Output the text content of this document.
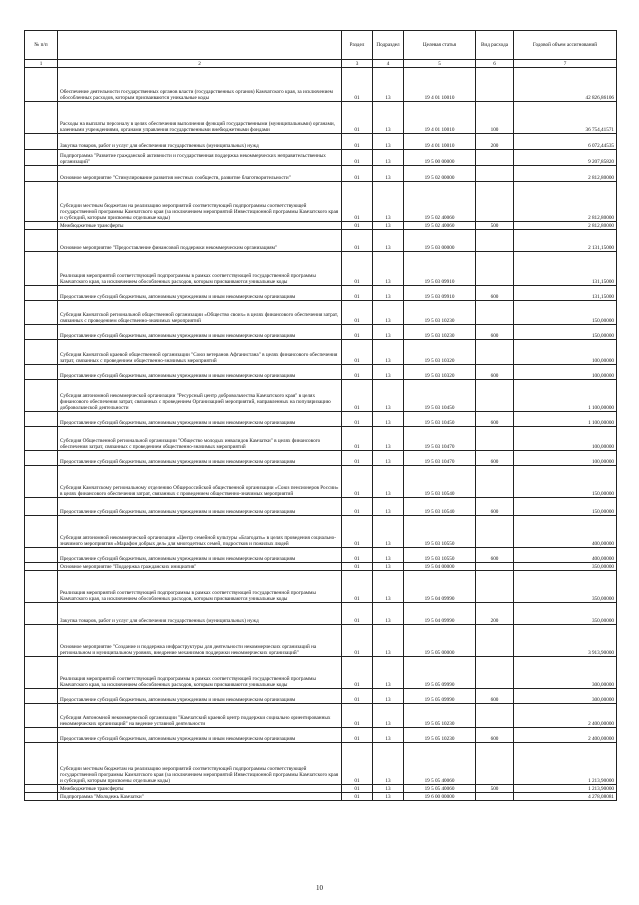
№ п/п		Раздел	Подраздел	Целевая статья	Вид расхода	Годовой объем ассигнований
1	2	3	4	5	6	7
	Обеспечение деятельности государственных органов власти (государственных органов) Камчатского края, за исключением обособленных расходов, которым присваиваются уникальные коды	01	13	19 4 01 10010		42 826,86106
	Расходы на выплаты персоналу в целях обеспечения выполнения функций государственными (муниципальными) органами, казенными учреждениями, органами управления государственными внебюджетными фондами	01	13	19 4 01 10010	100	36 754,41571
	Закупка товаров, работ и услуг для обеспечения государственных (муниципальных) нужд	01	13	19 4 01 10010	200	6 072,44535
	Подпрограмма "Развитие гражданской активности и государственная поддержка некоммерческих неправительственных организаций"	01	13	19 5 00 00000		9 207,85820
	Основное мероприятие "Стимулирование развития местных сообществ, развитие благотворительности"	01	13	19 5 02 00000		2 812,80000
	Субсидии местным бюджетам на реализацию мероприятий соответствующей подпрограммы соответствующей государственной программы Камчатского края (за исключением мероприятий Инвестиционной программы Камчатского края и субсидий, которым присвоены отдельные коды)	01	13	19 5 02 40060		2 812,80000
	Межбюджетные трансферты	01	13	19 5 02 40060	500	2 812,80000
	Основное мероприятие "Предоставление финансовой поддержки некоммерческим организациям"	01	13	19 5 03 00000		2 131,15000
	Реализация мероприятий соответствующей подпрограммы в рамках соответствующей государственной программы Камчатского края, за исключением обособленных расходов, которым присваиваются уникальные коды	01	13	19 5 03 09910		131,15000
	Предоставление субсидий бюджетным, автономным учреждениям и иным некоммерческим организациям	01	13	19 5 03 09910	600	131,15000
	Субсидия Камчатской региональной общественной организации «Общество своих» в целях финансового обеспечения затрат, связанных с проведением общественно-значимых мероприятий	01	13	19 5 03 10230		150,00000
	Предоставление субсидий бюджетным, автономным учреждениям и иным некоммерческим организациям	01	13	19 5 03 10230	600	150,00000
	Субсидия Камчатской краевой общественной организации "Союз ветеранов Афганистана" в целях финансового обеспечения затрат, связанных с проведением общественно-значимых мероприятий	01	13	19 5 03 10320		100,00000
	Предоставление субсидий бюджетным, автономным учреждениям и иным некоммерческим организациям	01	13	19 5 03 10320	600	100,00000
	Субсидия автономной некоммерческой организации "Ресурсный центр добровольчества Камчатского края" в целях финансового обеспечения затрат, связанных с проведением Организацией мероприятий, направленных на популяризацию добровольческой деятельности	01	13	19 5 03 10450		1 100,00000
	Предоставление субсидий бюджетным, автономным учреждениям и иным некоммерческим организациям	01	13	19 5 03 10450	600	1 100,00000
	Субсидия Общественной региональной организации "Общество молодых инвалидов Камчатки" в целях финансового обеспечения затрат, связанных с проведением общественно-значимых мероприятий	01	13	19 5 03 10470		100,00000
	Предоставление субсидий бюджетным, автономным учреждениям и иным некоммерческим организациям	01	13	19 5 03 10470	600	100,00000
	Субсидия Камчатскому региональному отделению Общероссийской общественной организации «Союз пенсионеров России» в целях финансового обеспечения затрат, связанных с проведением общественно-значимых мероприятий	01	13	19 5 03 10540		150,00000
	Предоставление субсидий бюджетным, автономным учреждениям и иным некоммерческим организациям	01	13	19 5 03 10540	600	150,00000
	Субсидия автономной некоммерческой организации «Центр семейной культуры «Благодать» в целях проведения социально-значимого мероприятия «Марафон добрых дел» для многодетных семей, подростков и пожилых людей	01	13	19 5 03 10550		400,00000
	Предоставление субсидий бюджетным, автономным учреждениям и иным некоммерческим организациям	01	13	19 5 03 10550	600	400,00000
	Основное мероприятие "Поддержка гражданских инициатив"	01	13	19 5 04 00000		350,00000
	Реализация мероприятий соответствующей подпрограммы в рамках соответствующей государственной программы Камчатского края, за исключением обособленных расходов, которым присваиваются уникальные коды	01	13	19 5 04 09990		350,00000
	Закупка товаров, работ и услуг для обеспечения государственных (муниципальных) нужд	01	13	19 5 04 09990	200	350,00000
	Основное мероприятие "Создание и поддержка инфраструктуры для деятельности некоммерческих организаций на региональном и муниципальном уровнях, внедрение механизмов поддержки некоммерческих организаций"	01	13	19 5 05 00000		3 913,90000
	Реализация мероприятий соответствующей подпрограммы в рамках соответствующей государственной программы Камчатского края, за исключением обособленных расходов, которым присваиваются уникальные коды	01	13	19 5 05 09990		300,00000
	Предоставление субсидий бюджетным, автономным учреждениям и иным некоммерческим организациям	01	13	19 5 05 09990	600	300,00000
	Субсидия Автономной некоммерческой организации "Камчатский краевой центр поддержки социально ориентированных некоммерческих организаций" на ведение уставной деятельности	01	13	19 5 05 10230		2 400,00000
	Предоставление субсидий бюджетным, автономным учреждениям и иным некоммерческим организациям	01	13	19 5 05 10230	600	2 400,00000
	Субсидии местным бюджетам на реализацию мероприятий соответствующей подпрограммы соответствующей государственной программы Камчатского края (за исключением мероприятий Инвестиционной программы Камчатского края и субсидий, которым присвоены отдельные коды)	01	13	19 5 05 40060		1 213,90000
	Межбюджетные трансферты	01	13	19 5 05 40060	500	1 213,90000
	Подпрограмма "Молодежь Камчатки"	01	13	19 6 00 00000		4 278,08081
10
